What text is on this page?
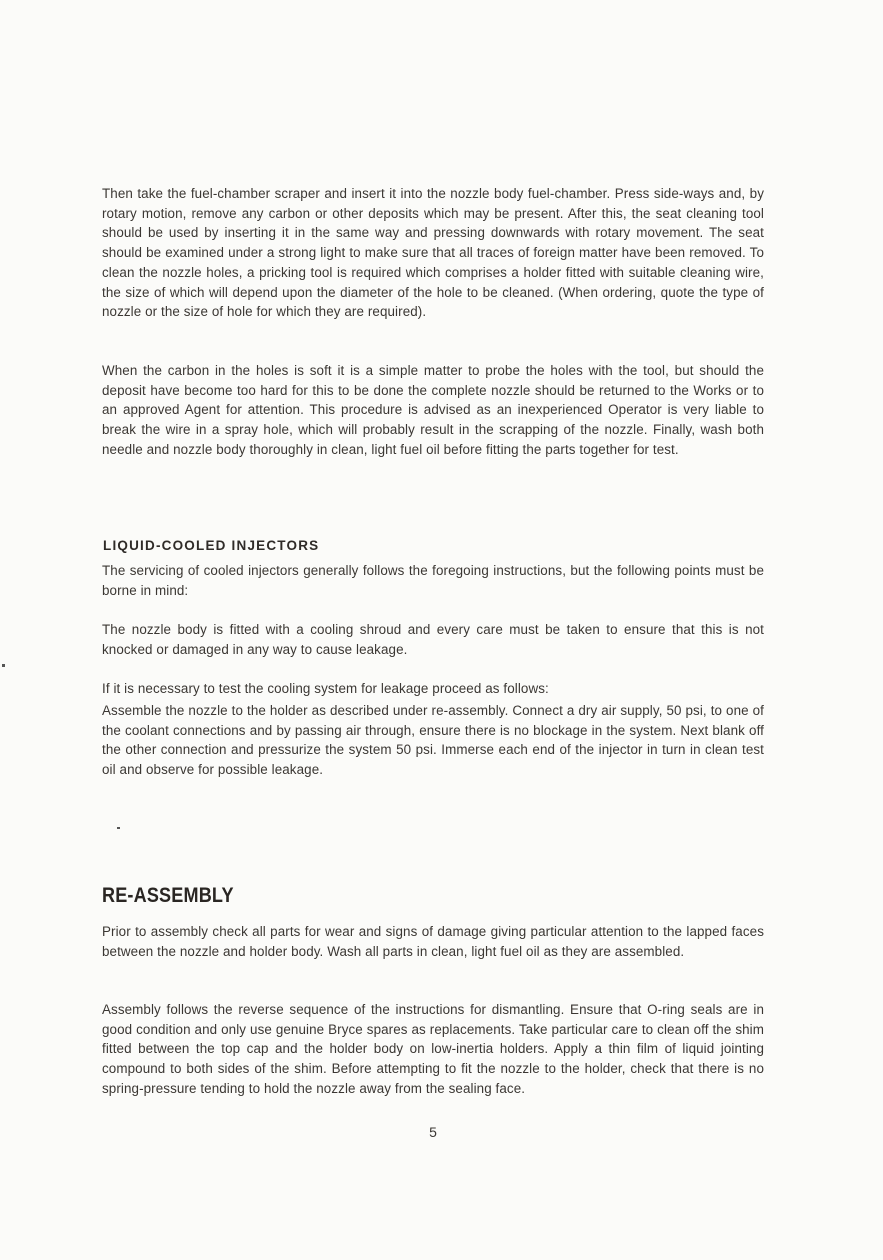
Then take the fuel-chamber scraper and insert it into the nozzle body fuel-chamber. Press side-ways and, by rotary motion, remove any carbon or other deposits which may be present. After this, the seat cleaning tool should be used by inserting it in the same way and pressing downwards with rotary movement. The seat should be examined under a strong light to make sure that all traces of foreign matter have been removed. To clean the nozzle holes, a pricking tool is required which comprises a holder fitted with suitable cleaning wire, the size of which will depend upon the diameter of the hole to be cleaned. (When ordering, quote the type of nozzle or the size of hole for which they are required).

When the carbon in the holes is soft it is a simple matter to probe the holes with the tool, but should the deposit have become too hard for this to be done the complete nozzle should be returned to the Works or to an approved Agent for attention. This procedure is advised as an inexperienced Operator is very liable to break the wire in a spray hole, which will probably result in the scrapping of the nozzle. Finally, wash both needle and nozzle body thoroughly in clean, light fuel oil before fitting the parts together for test.

LIQUID-COOLED INJECTORS

The servicing of cooled injectors generally follows the foregoing instructions, but the following points must be borne in mind:

The nozzle body is fitted with a cooling shroud and every care must be taken to ensure that this is not knocked or damaged in any way to cause leakage.

If it is necessary to test the cooling system for leakage proceed as follows:

Assemble the nozzle to the holder as described under re-assembly. Connect a dry air supply, 50 psi, to one of the coolant connections and by passing air through, ensure there is no blockage in the system. Next blank off the other connection and pressurize the system 50 psi. Immerse each end of the injector in turn in clean test oil and observe for possible leakage.

RE-ASSEMBLY

Prior to assembly check all parts for wear and signs of damage giving particular attention to the lapped faces between the nozzle and holder body. Wash all parts in clean, light fuel oil as they are assembled.

Assembly follows the reverse sequence of the instructions for dismantling. Ensure that O-ring seals are in good condition and only use genuine Bryce spares as replacements. Take particular care to clean off the shim fitted between the top cap and the holder body on low-inertia holders. Apply a thin film of liquid jointing compound to both sides of the shim. Before attempting to fit the nozzle to the holder, check that there is no spring-pressure tending to hold the nozzle away from the sealing face.

5
